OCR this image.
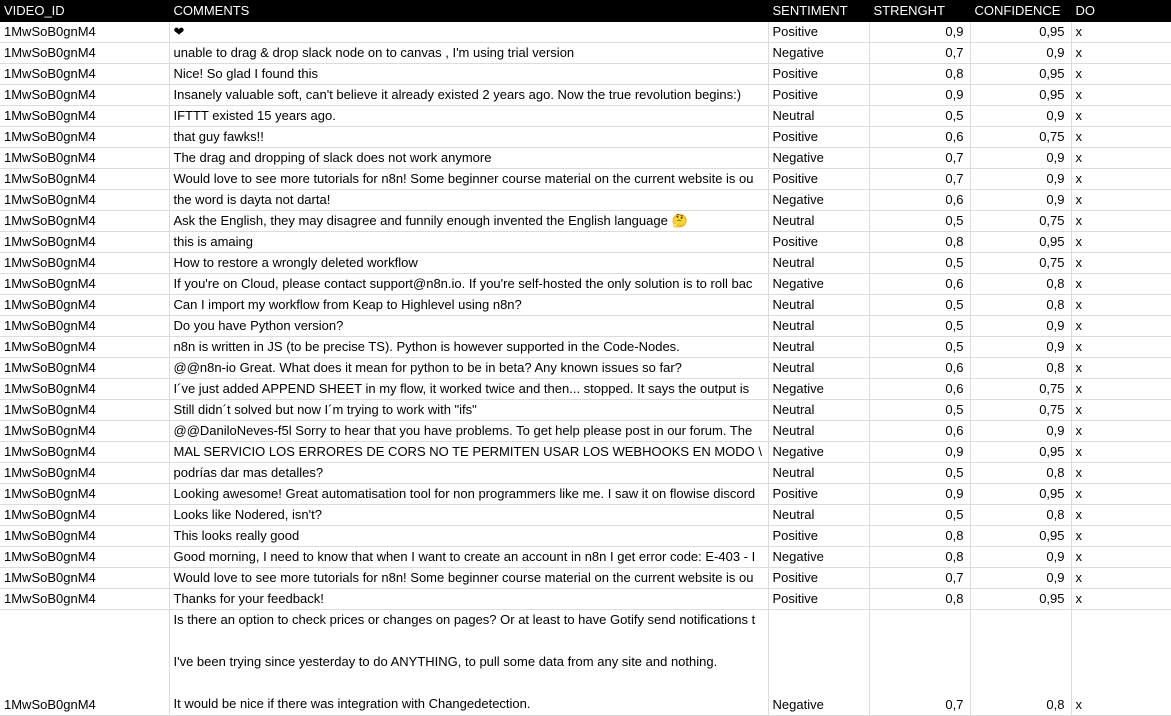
VIDEO_ID	COMMENTS	SENTIMENT	STRENGHT	CONFIDENCE	DO
1MwSoB0gnM4	❤	Positive	0,9	0,95	x
1MwSoB0gnM4	unable to drag & drop slack node on to canvas , I'm using trial version	Negative	0,7	0,9	x
1MwSoB0gnM4	Nice! So glad I found this	Positive	0,8	0,95	x
1MwSoB0gnM4	Insanely valuable soft, can't believe it already existed 2 years ago. Now the true revolution begins:)	Positive	0,9	0,95	x
1MwSoB0gnM4	IFTTT existed 15 years ago.	Neutral	0,5	0,9	x
1MwSoB0gnM4	that guy fawks!!	Positive	0,6	0,75	x
1MwSoB0gnM4	The drag and dropping of slack does not work anymore	Negative	0,7	0,9	x
1MwSoB0gnM4	Would love to see more tutorials for n8n! Some beginner course material on the current website is ou	Positive	0,7	0,9	x
1MwSoB0gnM4	the word is dayta not darta!	Negative	0,6	0,9	x
1MwSoB0gnM4	Ask the English, they may disagree and funnily enough invented the English language 🤔	Neutral	0,5	0,75	x
1MwSoB0gnM4	this is amaing	Positive	0,8	0,95	x
1MwSoB0gnM4	How to restore a wrongly deleted workflow	Neutral	0,5	0,75	x
1MwSoB0gnM4	If you're on Cloud, please contact support@n8n.io. If you're self-hosted the only solution is to roll bac	Negative	0,6	0,8	x
1MwSoB0gnM4	Can I import my workflow from Keap to Highlevel using n8n?	Neutral	0,5	0,8	x
1MwSoB0gnM4	Do you have Python version?	Neutral	0,5	0,9	x
1MwSoB0gnM4	n8n is written in JS (to be precise TS). Python is however supported in the Code-Nodes.	Neutral	0,5	0,9	x
1MwSoB0gnM4	@@n8n-io Great. What does it mean for python to be in beta? Any known issues so far?	Neutral	0,6	0,8	x
1MwSoB0gnM4	I´ve just added APPEND SHEET in my flow, it worked twice and then... stopped. It says the output is	Negative	0,6	0,75	x
1MwSoB0gnM4	Still didn´t solved but now I´m trying to work with "ifs"	Neutral	0,5	0,75	x
1MwSoB0gnM4	@@DaniloNeves-f5l Sorry to hear that you have problems. To get help please post in our forum. The	Neutral	0,6	0,9	x
1MwSoB0gnM4	MAL SERVICIO LOS ERRORES DE CORS NO TE PERMITEN USAR LOS WEBHOOKS EN MODO \	Negative	0,9	0,95	x
1MwSoB0gnM4	podrías dar mas detalles?	Neutral	0,5	0,8	x
1MwSoB0gnM4	Looking awesome! Great automatisation tool for non programmers like me. I saw it on flowise discord	Positive	0,9	0,95	x
1MwSoB0gnM4	Looks like Nodered, isn't?	Neutral	0,5	0,8	x
1MwSoB0gnM4	This looks really good	Positive	0,8	0,95	x
1MwSoB0gnM4	Good morning, I need to know that when I want to create an account in n8n I get error code: E-403 - I	Negative	0,8	0,9	x
1MwSoB0gnM4	Would love to see more tutorials for n8n! Some beginner course material on the current website is ou	Positive	0,7	0,9	x
1MwSoB0gnM4	Thanks for your feedback!	Positive	0,8	0,95	x
1MwSoB0gnM4	Is there an option to check prices or changes on pages? Or at least to have Gotify send notifications t
I've been trying since yesterday to do ANYTHING, to pull some data from any site and nothing.
It would be nice if there was integration with Changedetection.	Negative	0,7	0,8	x
